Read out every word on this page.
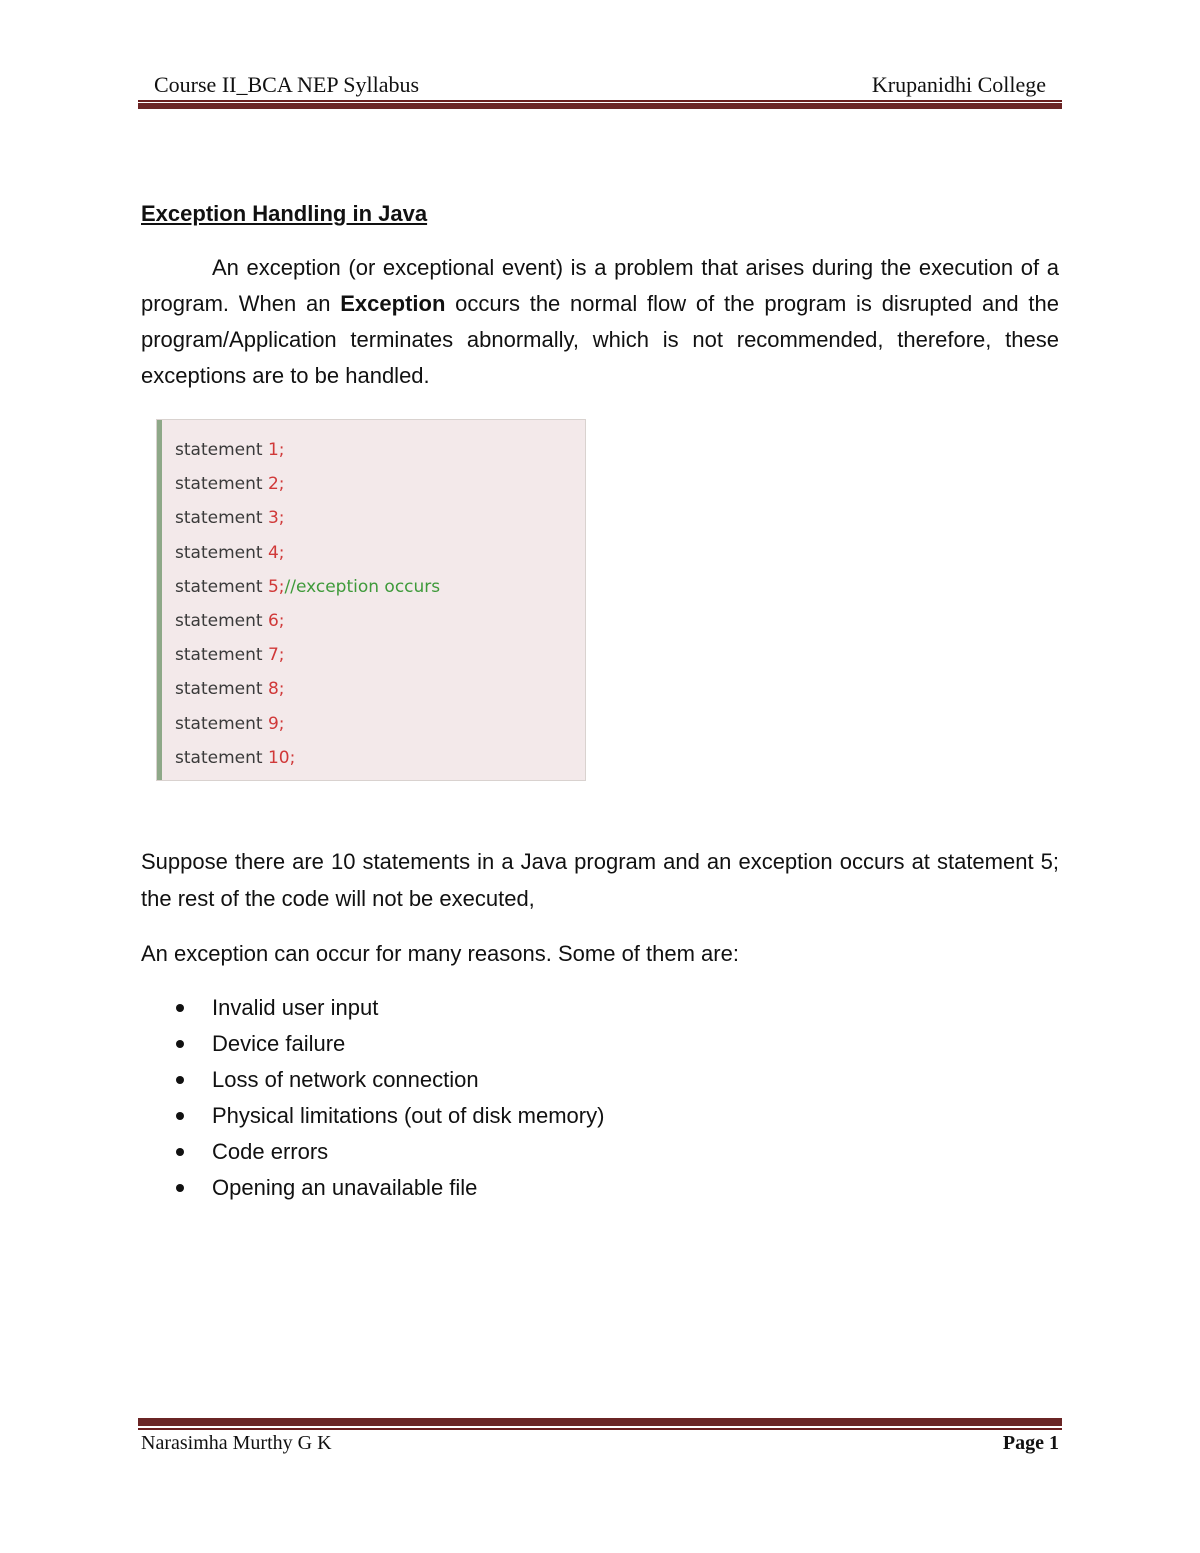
Course II_BCA NEP Syllabus	Krupanidhi College
Exception Handling in Java

An exception (or exceptional event) is a problem that arises during the execution of a program. When an Exception occurs the normal flow of the program is disrupted and the program/Application terminates abnormally, which is not recommended, therefore, these exceptions are to be handled.

statement 1;
statement 2;
statement 3;
statement 4;
statement 5;//exception occurs
statement 6;
statement 7;
statement 8;
statement 9;
statement 10;

Suppose there are 10 statements in a Java program and an exception occurs at statement 5; the rest of the code will not be executed,

An exception can occur for many reasons. Some of them are:

Invalid user input
Device failure
Loss of network connection
Physical limitations (out of disk memory)
Code errors
Opening an unavailable file
Narasimha Murthy G K	Page 1
